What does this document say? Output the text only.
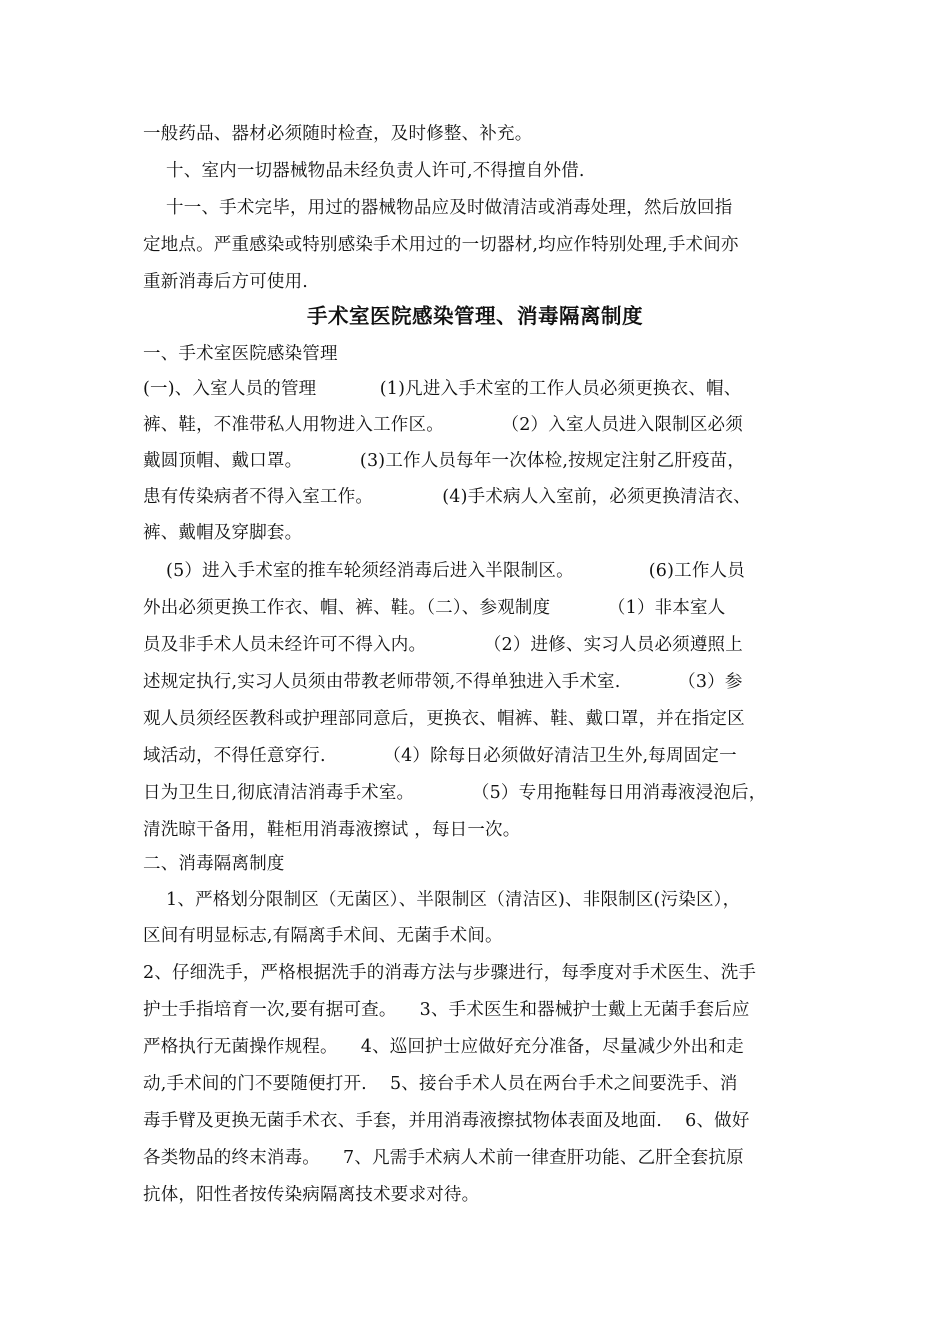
一般药品、器材必须随时检查，及时修整、补充。
十、室内一切器械物品未经负责人许可,不得擅自外借.
十一、手术完毕，用过的器械物品应及时做清洁或消毒处理，然后放回指
定地点。严重感染或特别感染手术用过的一切器材,均应作特别处理,手术间亦
重新消毒后方可使用.
手术室医院感染管理、消毒隔离制度
一、手术室医院感染管理
(一)、入室人员的管理           (1)凡进入手术室的工作人员必须更换衣、帽、
裤、鞋，不准带私人用物进入工作区。          （2）入室人员进入限制区必须
戴圆顶帽、戴口罩。          (3)工作人员每年一次体检,按规定注射乙肝疫苗，
患有传染病者不得入室工作。            (4)手术病人入室前，必须更换清洁衣、
裤、戴帽及穿脚套。
(5）进入手术室的推车轮须经消毒后进入半限制区。             (6)工作人员
外出必须更换工作衣、帽、裤、鞋。（二）、参观制度          （1）非本室人
员及非手术人员未经许可不得入内。          （2）进修、实习人员必须遵照上
述规定执行,实习人员须由带教老师带领,不得单独进入手术室.          （3）参
观人员须经医教科或护理部同意后，更换衣、帽裤、鞋、戴口罩，并在指定区
域活动，不得任意穿行.          （4）除每日必须做好清洁卫生外,每周固定一
日为卫生日,彻底清洁消毒手术室。          （5）专用拖鞋每日用消毒液浸泡后，
清洗晾干备用，鞋柜用消毒液擦试 ，每日一次。
二、消毒隔离制度
1、严格划分限制区（无菌区）、半限制区（清洁区)、非限制区(污染区），
区间有明显标志,有隔离手术间、无菌手术间。
2、仔细洗手，严格根据洗手的消毒方法与步骤进行，每季度对手术医生、洗手
护士手指培育一次,要有据可查。    3、手术医生和器械护士戴上无菌手套后应
严格执行无菌操作规程。    4、巡回护士应做好充分准备，尽量减少外出和走
动,手术间的门不要随便打开.    5、接台手术人员在两台手术之间要洗手、消
毒手臂及更换无菌手术衣、手套，并用消毒液擦拭物体表面及地面.    6、做好
各类物品的终末消毒。    7、凡需手术病人术前一律查肝功能、乙肝全套抗原
抗体，阳性者按传染病隔离技术要求对待。
